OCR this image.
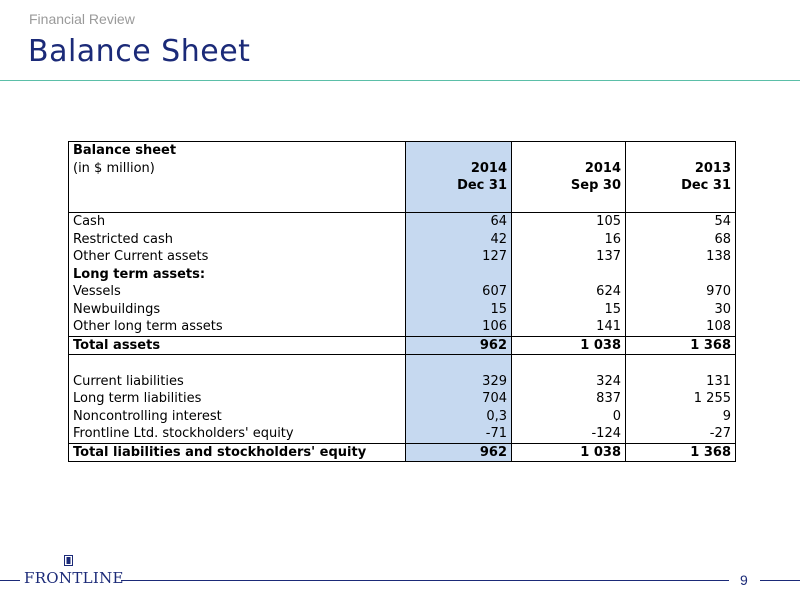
Financial Review
Balance Sheet
Balance sheet			
(in $ million)	2014	2014	2013
	Dec 31	Sep 30	Dec 31

Cash	64	105	54
Restricted cash	42	16	68
Other Current assets	127	137	138
Long term assets:			
Vessels	607	624	970
Newbuildings	15	15	30
Other long term assets	106	141	108
Total assets	962	1 038	1 368

Current liabilities	329	324	131
Long term liabilities	704	837	1 255
Noncontrolling interest	0,3	0	9
Frontline Ltd. stockholders' equity	-71	-124	-27
Total liabilities and stockholders' equity	962	1 038	1 368
FRONTLINE	9
